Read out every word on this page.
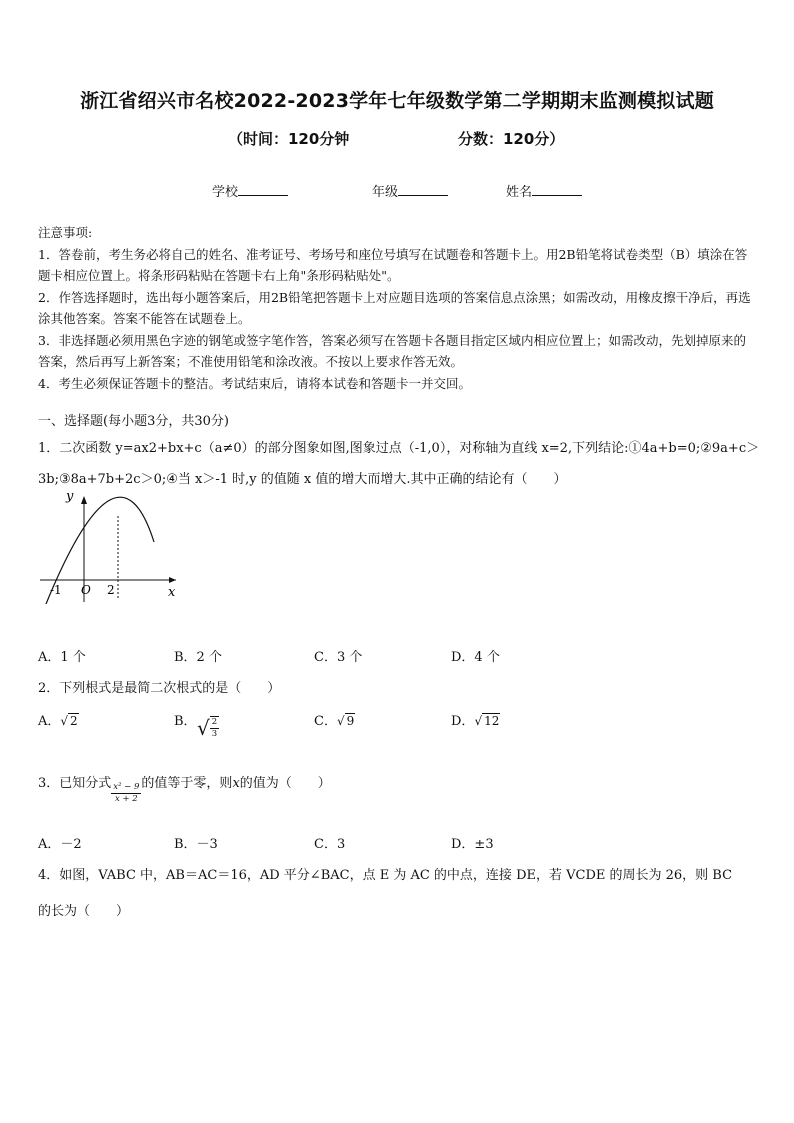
浙江省绍兴市名校2022-2023学年七年级数学第二学期期末监测模拟试题
（时间：120分钟	分数：120分）
学校	年级	姓名

注意事项:

1．答卷前，考生务必将自己的姓名、准考证号、考场号和座位号填写在试题卷和答题卡上。用2B铅笔将试卷类型（B）填涂在答题卡相应位置上。将条形码粘贴在答题卡右上角"条形码粘贴处"。

2．作答选择题时，选出每小题答案后，用2B铅笔把答题卡上对应题目选项的答案信息点涂黑；如需改动，用橡皮擦干净后，再选涂其他答案。答案不能答在试题卷上。

3．非选择题必须用黑色字迹的钢笔或签字笔作答，答案必须写在答题卡各题目指定区域内相应位置上；如需改动，先划掉原来的答案，然后再写上新答案；不准使用铅笔和涂改液。不按以上要求作答无效。

4．考生必须保证答题卡的整洁。考试结束后，请将本试卷和答题卡一并交回。

一、选择题(每小题3分，共30分)
1．二次函数 y=ax2+bx+c（a≠0）的部分图象如图,图象过点（-1,0），对称轴为直线 x=2,下列结论:①4a+b=0;②9a+c＞
3b;③8a+7b+2c＞0;④当 x＞-1 时,y 的值随 x 值的增大而增大.其中正确的结论有（　　）
y
x
O
-1	2
A．1 个	B．2 个	C．3 个	D．4 个
2．下列根式是最简二次根式的是（　　）
A．√ 2	B． √ $\frac{2}{3}$	C．√ 9	D．√ 12
3．已知分式 $\frac{\text{x² − 9}}{x + 2}$ 的值等于零，则x的值为（　　）
A．－2	B．－3	C．3	D．±3
4．如图，VABC 中，AB＝AC＝16，AD 平分∠BAC，点 E 为 AC 的中点，连接 DE，若 VCDE 的周长为 26，则 BC
的长为（　　）
